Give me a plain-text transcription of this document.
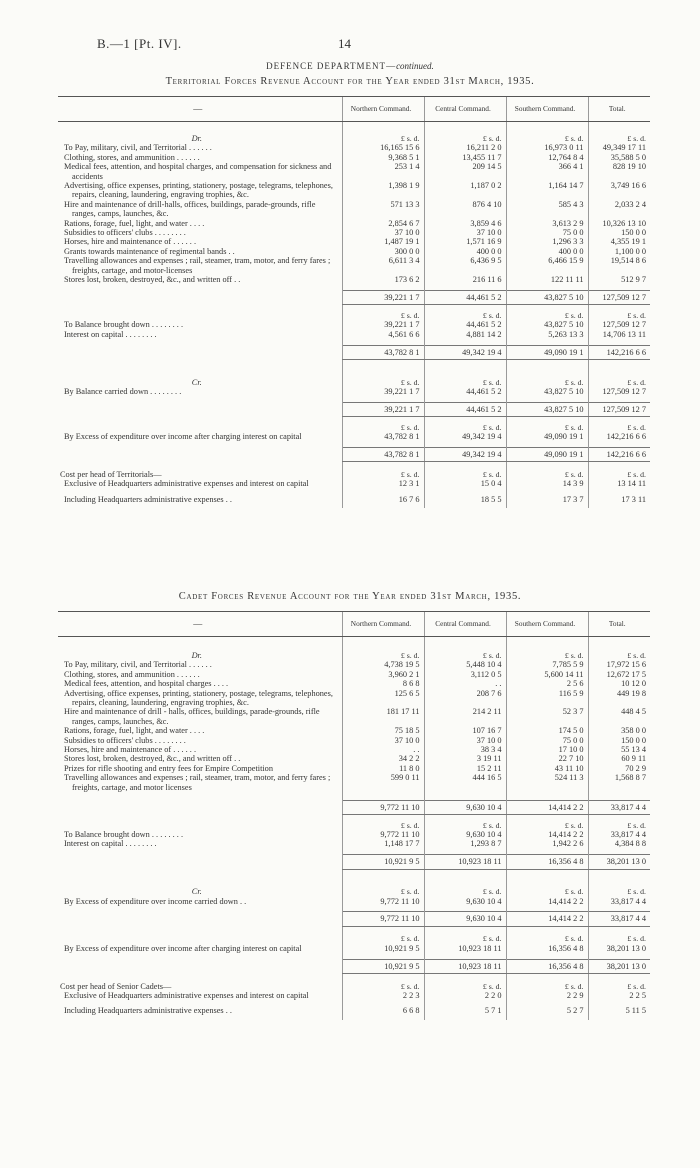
B.—1 [Pt. IV].	14
DEFENCE DEPARTMENT—continued.
Territorial Forces Revenue Account for the Year ended 31st March, 1935.
—	Northern Command.	Central Command.	Southern Command.	Total.

Dr.	£ s. d.	£ s. d.	£ s. d.	£ s. d.
To Pay, military, civil, and Territorial . . . . . .	16,165 15 6	16,211 2 0	16,973 0 11	49,349 17 11
Clothing, stores, and ammunition . . . . . .	9,368 5 1	13,455 11 7	12,764 8 4	35,588 5 0
Medical fees, attention, and hospital charges, and compensation for sickness and accidents	253 1 4	209 14 5	366 4 1	828 19 10
Advertising, office expenses, printing, stationery, postage, telegrams, telephones, repairs, cleaning, laundering, engraving trophies, &c.	1,398 1 9	1,187 0 2	1,164 14 7	3,749 16 6
Hire and maintenance of drill-halls, offices, buildings, parade-grounds, rifle ranges, camps, launches, &c.	571 13 3	876 4 10	585 4 3	2,033 2 4
Rations, forage, fuel, light, and water . . . .	2,854 6 7	3,859 4 6	3,613 2 9	10,326 13 10
Subsidies to officers' clubs . . . . . . . .	37 10 0	37 10 0	75 0 0	150 0 0
Horses, hire and maintenance of . . . . . .	1,487 19 1	1,571 16 9	1,296 3 3	4,355 19 1
Grants towards maintenance of regimental bands . .	300 0 0	400 0 0	400 0 0	1,100 0 0
Travelling allowances and expenses ; rail, steamer, tram, motor, and ferry fares ; freights, cartage, and motor-licenses	6,611 3 4	6,436 9 5	6,466 15 9	19,514 8 6
Stores lost, broken, destroyed, &c., and written off . .	173 6 2	216 11 6	122 11 11	512 9 7

	39,221 1 7	44,461 5 2	43,827 5 10	127,509 12 7

	£ s. d.	£ s. d.	£ s. d.	£ s. d.
To Balance brought down . . . . . . . .	39,221 1 7	44,461 5 2	43,827 5 10	127,509 12 7
Interest on capital . . . . . . . .	4,561 6 6	4,881 14 2	5,263 13 3	14,706 13 11

	43,782 8 1	49,342 19 4	49,090 19 1	142,216 6 6

Cr.	£ s. d.	£ s. d.	£ s. d.	£ s. d.
By Balance carried down . . . . . . . .	39,221 1 7	44,461 5 2	43,827 5 10	127,509 12 7

	39,221 1 7	44,461 5 2	43,827 5 10	127,509 12 7

	£ s. d.	£ s. d.	£ s. d.	£ s. d.
By Excess of expenditure over income after charging interest on capital	43,782 8 1	49,342 19 4	49,090 19 1	142,216 6 6

	43,782 8 1	49,342 19 4	49,090 19 1	142,216 6 6

Cost per head of Territorials—	£ s. d.	£ s. d.	£ s. d.	£ s. d.
Exclusive of Headquarters administrative expenses and interest on capital	12 3 1	15 0 4	14 3 9	13 14 11

Including Headquarters administrative expenses . .	16 7 6	18 5 5	17 3 7	17 3 11

Cadet Forces Revenue Account for the Year ended 31st March, 1935.
—	Northern Command.	Central Command.	Southern Command.	Total.

Dr.	£ s. d.	£ s. d.	£ s. d.	£ s. d.
To Pay, military, civil, and Territorial . . . . . .	4,738 19 5	5,448 10 4	7,785 5 9	17,972 15 6
Clothing, stores, and ammunition . . . . . .	3,960 2 1	3,112 0 5	5,600 14 11	12,672 17 5
Medical fees, attention, and hospital charges . . . .	8 6 8	. .	2 5 6	10 12 0
Advertising, office expenses, printing, stationery, postage, telegrams, telephones, repairs, cleaning, laundering, engraving trophies, &c.	125 6 5	208 7 6	116 5 9	449 19 8
Hire and maintenance of drill - halls, offices, buildings, parade-grounds, rifle ranges, camps, launches, &c.	181 17 11	214 2 11	52 3 7	448 4 5
Rations, forage, fuel, light, and water . . . .	75 18 5	107 16 7	174 5 0	358 0 0
Subsidies to officers' clubs . . . . . . . .	37 10 0	37 10 0	75 0 0	150 0 0
Horses, hire and maintenance of . . . . . .	. .	38 3 4	17 10 0	55 13 4
Stores lost, broken, destroyed, &c., and written off . .	34 2 2	3 19 11	22 7 10	60 9 11
Prizes for rifle shooting and entry fees for Empire Competition	11 8 0	15 2 11	43 11 10	70 2 9
Travelling allowances and expenses ; rail, steamer, tram, motor, and ferry fares ; freights, cartage, and motor licenses	599 0 11	444 16 5	524 11 3	1,568 8 7

	9,772 11 10	9,630 10 4	14,414 2 2	33,817 4 4

	£ s. d.	£ s. d.	£ s. d.	£ s. d.
To Balance brought down . . . . . . . .	9,772 11 10	9,630 10 4	14,414 2 2	33,817 4 4
Interest on capital . . . . . . . .	1,148 17 7	1,293 8 7	1,942 2 6	4,384 8 8

	10,921 9 5	10,923 18 11	16,356 4 8	38,201 13 0

Cr.	£ s. d.	£ s. d.	£ s. d.	£ s. d.
By Excess of expenditure over income carried down . .	9,772 11 10	9,630 10 4	14,414 2 2	33,817 4 4

	9,772 11 10	9,630 10 4	14,414 2 2	33,817 4 4

	£ s. d.	£ s. d.	£ s. d.	£ s. d.
By Excess of expenditure over income after charging interest on capital	10,921 9 5	10,923 18 11	16,356 4 8	38,201 13 0

	10,921 9 5	10,923 18 11	16,356 4 8	38,201 13 0

Cost per head of Senior Cadets—	£ s. d.	£ s. d.	£ s. d.	£ s. d.
Exclusive of Headquarters administrative expenses and interest on capital	2 2 3	2 2 0	2 2 9	2 2 5

Including Headquarters administrative expenses . .	6 6 8	5 7 1	5 2 7	5 11 5
